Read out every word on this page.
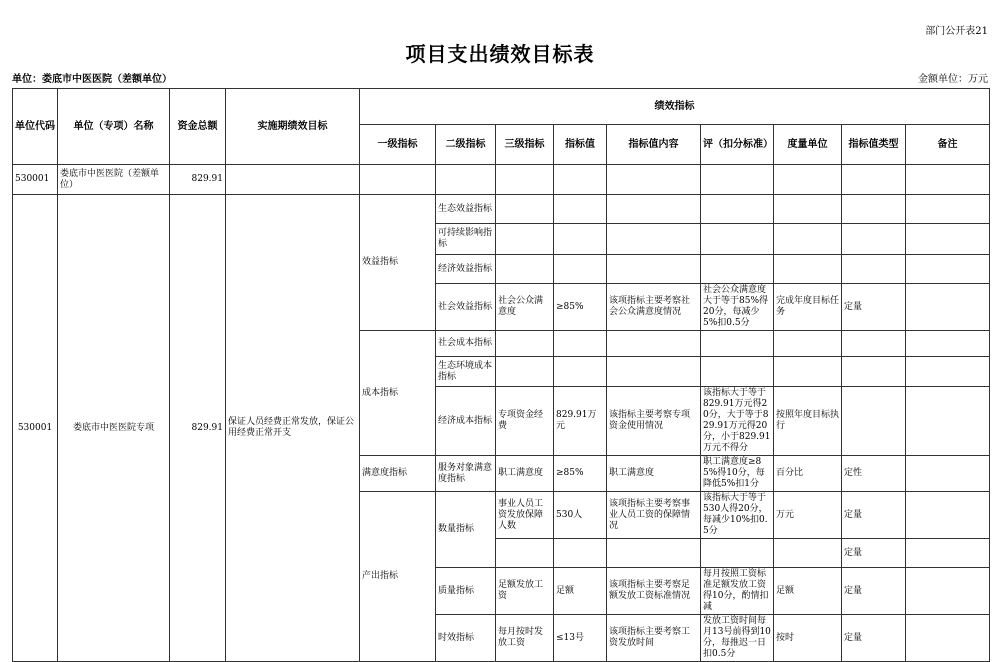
部门公开表21
项目支出绩效目标表
单位：娄底市中医医院（差额单位）	金额单位：万元
单位代码	单位（专项）名称	资金总额	实施期绩效目标	绩效指标								
				一级指标	二级指标	三级指标	指标值	指标值内容	评（扣分标准）	度量单位	指标值类型	备注
530001	娄底市中医医院（差额单位）	829.91										
530001	娄底市中医医院专项	829.91	保证人员经费正常发放，保证公用经费正常开支	效益指标	生态效益指标							
					可持续影响指标							
					经济效益指标							
					社会效益指标	社会公众满意度	≥85%	该项指标主要考察社会公众满意度情况	社会公众满意度大于等于85%得20分，每减少5%扣0.5分	完成年度目标任务	定量	
				成本指标	社会成本指标							
					生态环境成本指标							
					经济成本指标	专项资金经费	829.91万元	该指标主要考察专项资金使用情况	该指标大于等于829.91万元得20分，大于等于829.91万元得20分，小于829.91万元不得分	按照年度目标执行		
				满意度指标	服务对象满意度指标	职工满意度	≥85%	职工满意度	职工满意度≥85%得10分，每降低5%扣1分	百分比	定性	
				产出指标	数量指标	事业人员工资发放保障人数	530人	该项指标主要考察事业人员工资的保障情况	该指标大于等于530人得20分，每减少10%扣0.5分	万元	定量	
											定量	
					质量指标	足额发放工资	足额	该项指标主要考察足额发放工资标准情况	每月按照工资标准足额发放工资得10分，酌情扣减	足额	定量	
					时效指标	每月按时发放工资	≤13号	该项指标主要考察工资发放时间	发放工资时间每月13号前得到10分，每推迟一日扣0.5分	按时	定量	
